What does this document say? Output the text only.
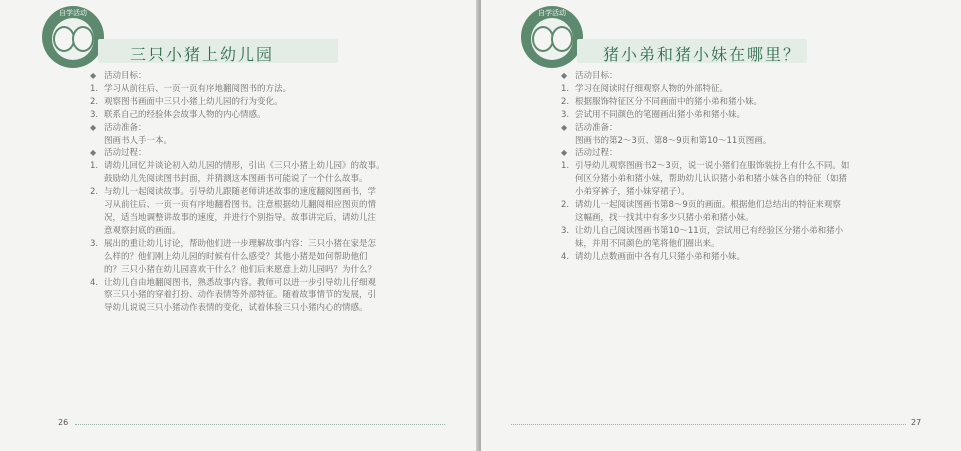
自学活动
三只小猪上幼儿园
◆ 活动目标：
1. 学习从前往后、一页一页有序地翻阅图书的方法。
2. 观察图书画面中三只小猪上幼儿园的行为变化。
3. 联系自己的经验体会故事人物的内心情感。
◆ 活动准备：
图画书人手一本。
◆ 活动过程：
1. 请幼儿回忆并谈论初入幼儿园的情形，引出《三只小猪上幼儿园》的故事。
鼓励幼儿先阅读图书封面，并猜测这本图画书可能说了一个什么故事。
2. 与幼儿一起阅读故事。引导幼儿跟随老师讲述故事的速度翻阅图画书，学
习从前往后、一页一页有序地翻看图书。注意根据幼儿翻阅相应图页的情
况，适当地调整讲故事的速度，并进行个别指导。故事讲完后，请幼儿注
意观察封底的画面。
3. 展出的重让幼儿讨论，帮助他们进一步理解故事内容：三只小猪在家是怎
么样的？他们刚上幼儿园的时候有什么感受？其他小猪是如何帮助他们
的？三只小猪在幼儿园喜欢干什么？他们后来愿意上幼儿园吗？为什么？
4. 让幼儿自由地翻阅图书，熟悉故事内容。教师可以进一步引导幼儿仔细观
察三只小猪的穿着打扮、动作表情等外部特征。随着故事情节的发展，引
导幼儿说说三只小猪动作表情的变化，试着体验三只小猪内心的情感。
26
自学活动
猪小弟和猪小妹在哪里？
◆ 活动目标：
1. 学习在阅读时仔细观察人物的外部特征。
2. 根据服饰特征区分不同画面中的猪小弟和猪小妹。
3. 尝试用不同颜色的笔圈画出猪小弟和猪小妹。
◆ 活动准备：
图画书的第2～3页、第8～9页和第10～11页图画。
◆ 活动过程：
1. 引导幼儿观察图画书2～3页，说一说小猪们在服饰装扮上有什么不同。如
何区分猪小弟和猪小妹，帮助幼儿认识猪小弟和猪小妹各自的特征（如猪
小弟穿裤子，猪小妹穿裙子）。
2. 请幼儿一起阅读图画书第8～9页的画面。根据他们总结出的特征来观察
这幅画，找一找其中有多少只猪小弟和猪小妹。
3. 让幼儿自己阅读图画书第10～11页，尝试用已有经验区分猪小弟和猪小
妹，并用不同颜色的笔将他们圈出来。
4. 请幼儿点数画面中各有几只猪小弟和猪小妹。
27
